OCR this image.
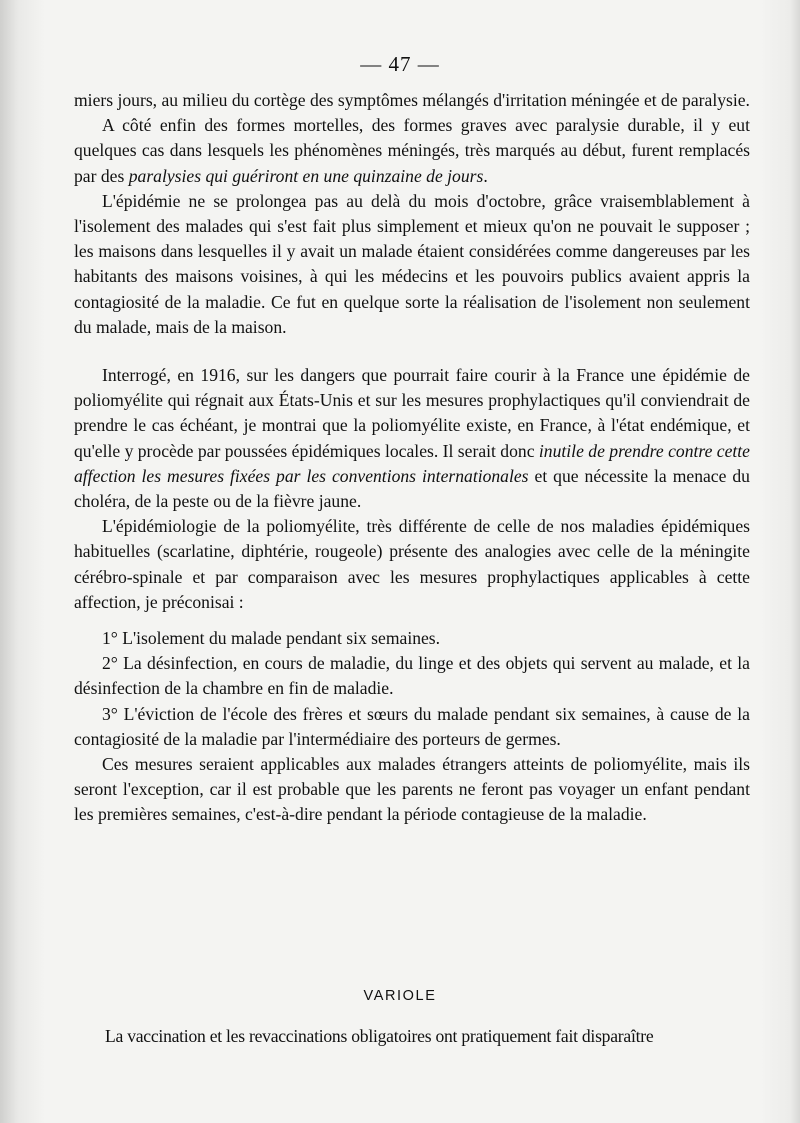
— 47 —

miers jours, au milieu du cortège des symptômes mélangés d'irritation méningée et de paralysie.

A côté enfin des formes mortelles, des formes graves avec paralysie durable, il y eut quelques cas dans lesquels les phénomènes méningés, très marqués au début, furent remplacés par des paralysies qui guériront en une quinzaine de jours.

L'épidémie ne se prolongea pas au delà du mois d'octobre, grâce vraisemblablement à l'isolement des malades qui s'est fait plus simplement et mieux qu'on ne pouvait le supposer ; les maisons dans lesquelles il y avait un malade étaient considérées comme dangereuses par les habitants des maisons voisines, à qui les médecins et les pouvoirs publics avaient appris la contagiosité de la maladie. Ce fut en quelque sorte la réalisation de l'isolement non seulement du malade, mais de la maison.

Interrogé, en 1916, sur les dangers que pourrait faire courir à la France une épidémie de poliomyélite qui régnait aux États-Unis et sur les mesures prophylactiques qu'il conviendrait de prendre le cas échéant, je montrai que la poliomyélite existe, en France, à l'état endémique, et qu'elle y procède par poussées épidémiques locales. Il serait donc inutile de prendre contre cette affection les mesures fixées par les conventions internationales et que nécessite la menace du choléra, de la peste ou de la fièvre jaune.

L'épidémiologie de la poliomyélite, très différente de celle de nos maladies épidémiques habituelles (scarlatine, diphtérie, rougeole) présente des analogies avec celle de la méningite cérébro-spinale et par comparaison avec les mesures prophylactiques applicables à cette affection, je préconisai :

1° L'isolement du malade pendant six semaines.

2° La désinfection, en cours de maladie, du linge et des objets qui servent au malade, et la désinfection de la chambre en fin de maladie.

3° L'éviction de l'école des frères et sœurs du malade pendant six semaines, à cause de la contagiosité de la maladie par l'intermédiaire des porteurs de germes.

Ces mesures seraient applicables aux malades étrangers atteints de poliomyélite, mais ils seront l'exception, car il est probable que les parents ne feront pas voyager un enfant pendant les premières semaines, c'est-à-dire pendant la période contagieuse de la maladie.

VARIOLE
La vaccination et les revaccinations obligatoires ont pratiquement fait disparaître
